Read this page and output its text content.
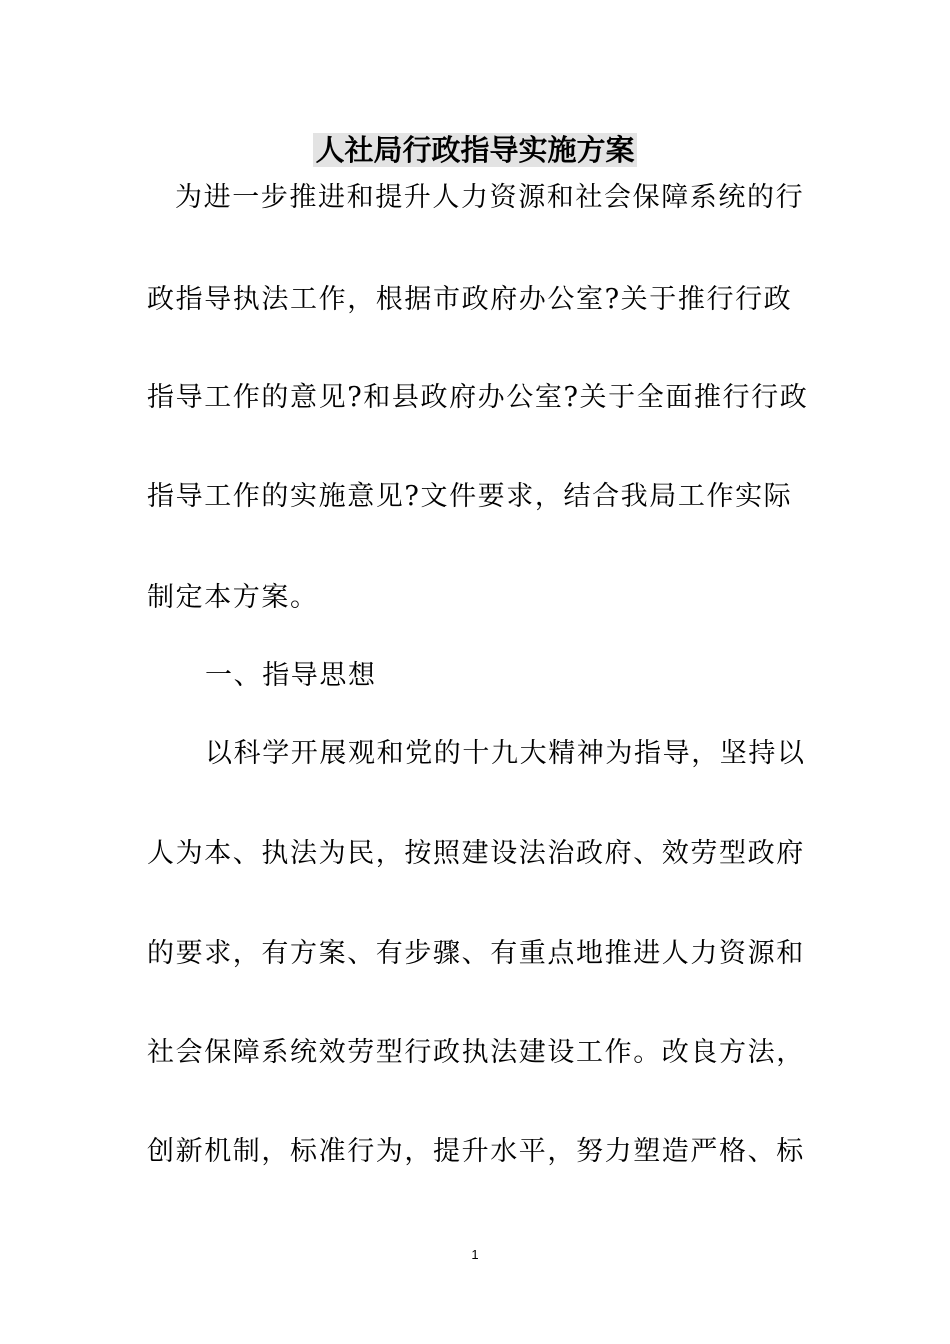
人社局行政指导实施方案

为进一步推进和提升人力资源和社会保障系统的行

政指导执法工作，根据市政府办公室?关于推行行政

指导工作的意见?和县政府办公室?关于全面推行行政

指导工作的实施意见?文件要求，结合我局工作实际

制定本方案。

一、指导思想

以科学开展观和党的十九大精神为指导，坚持以

人为本、执法为民，按照建设法治政府、效劳型政府

的要求，有方案、有步骤、有重点地推进人力资源和

社会保障系统效劳型行政执法建设工作。改良方法，

创新机制，标准行为，提升水平，努力塑造严格、标

1
